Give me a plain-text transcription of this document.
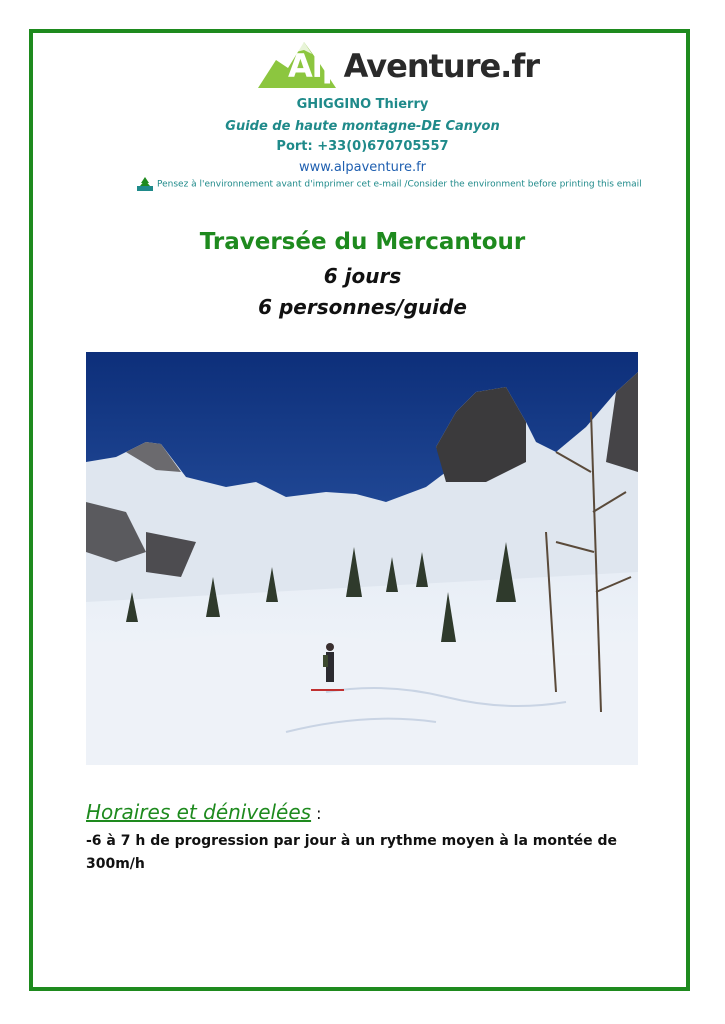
AlpAventure.fr
GHIGGINO Thierry
Guide de haute montagne-DE Canyon
Port: +33(0)670705557
www.alpaventure.fr
Pensez à l'environnement avant d'imprimer cet e-mail /Consider the environment before printing this email
Traversée du Mercantour
6 jours
6 personnes/guide
Horaires et dénivelées :
-6 à 7 h de progression par jour à un rythme moyen à la montée de 300m/h
